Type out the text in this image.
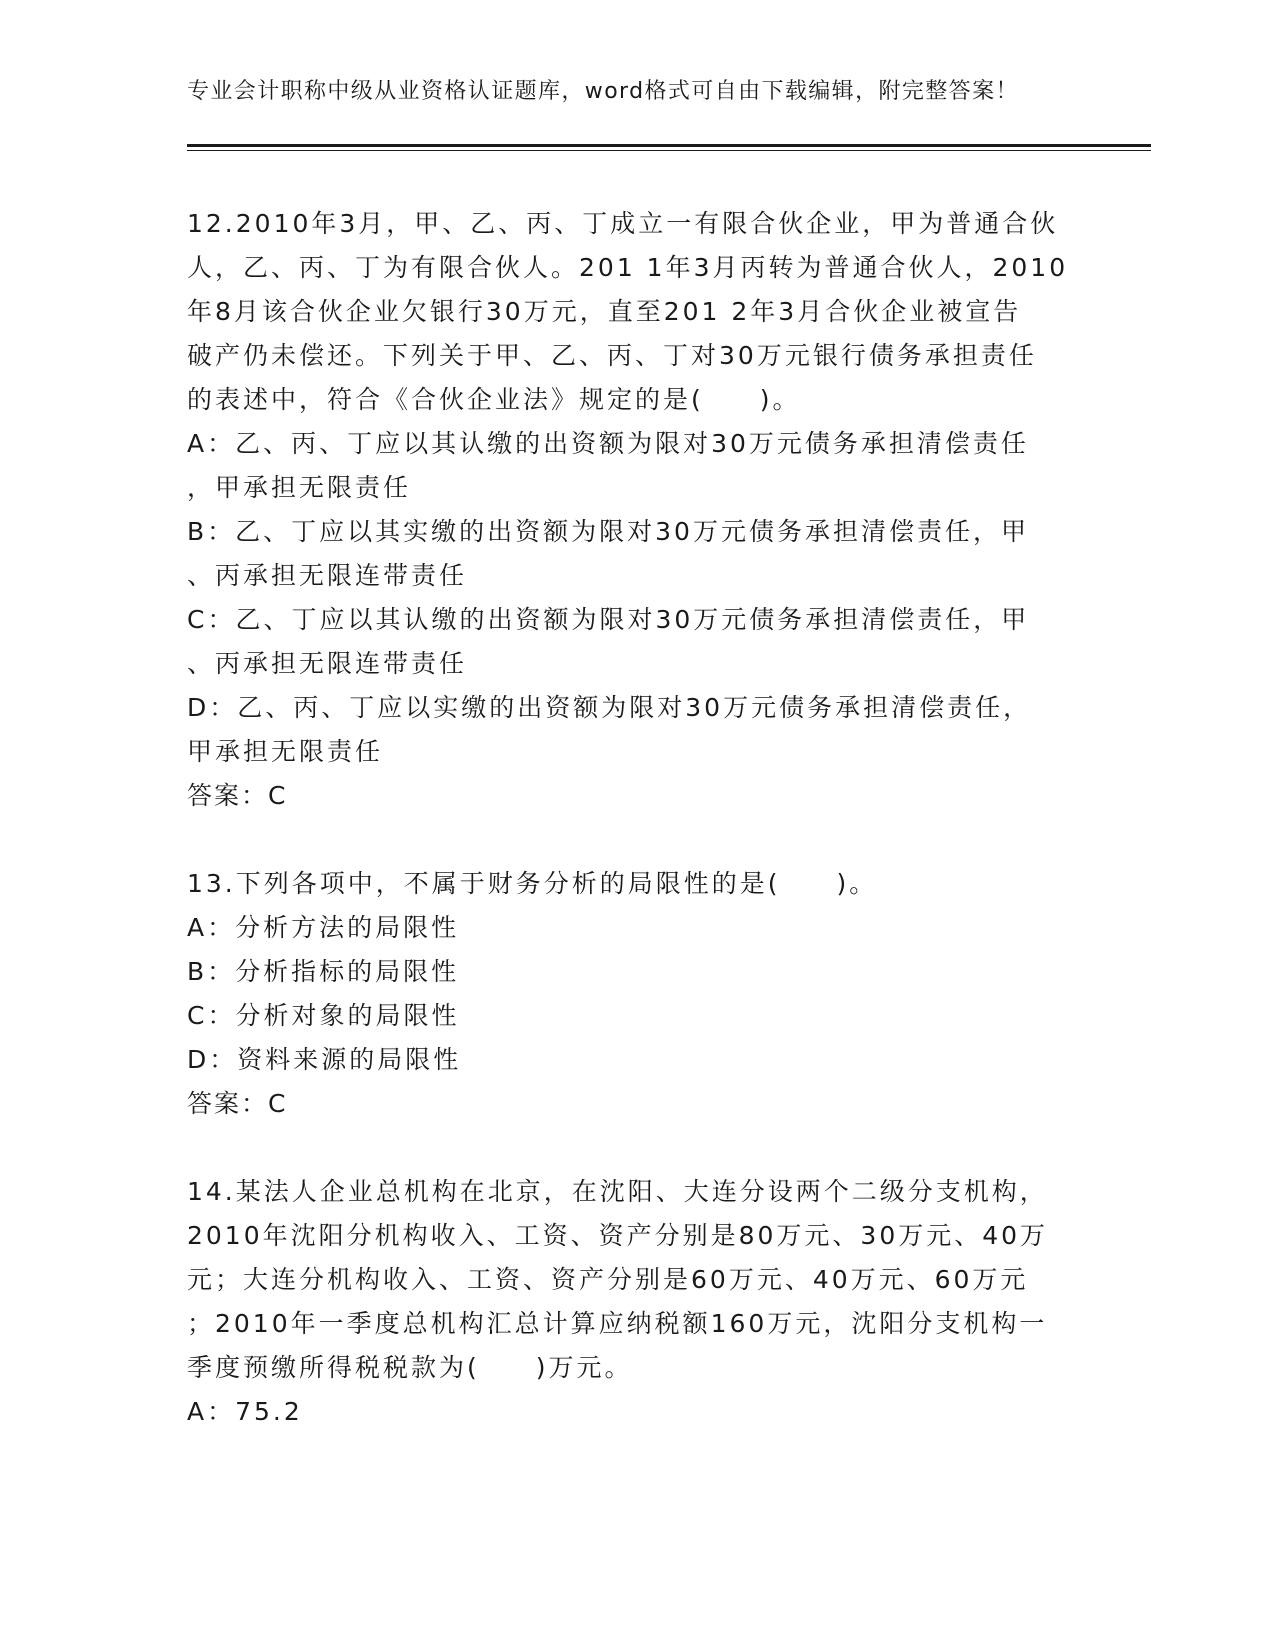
专业会计职称中级从业资格认证题库，word格式可自由下载编辑，附完整答案！
12.2010年3月，甲、乙、丙、丁成立一有限合伙企业，甲为普通合伙
人，乙、丙、丁为有限合伙人。201 1年3月丙转为普通合伙人，2010
年8月该合伙企业欠银行30万元，直至201 2年3月合伙企业被宣告
破产仍未偿还。下列关于甲、乙、丙、丁对30万元银行债务承担责任
的表述中，符合《合伙企业法》规定的是(　　)。
A：乙、丙、丁应以其认缴的出资额为限对30万元债务承担清偿责任
，甲承担无限责任
B：乙、丁应以其实缴的出资额为限对30万元债务承担清偿责任，甲
、丙承担无限连带责任
C：乙、丁应以其认缴的出资额为限对30万元债务承担清偿责任，甲
、丙承担无限连带责任
D：乙、丙、丁应以实缴的出资额为限对30万元债务承担清偿责任，
甲承担无限责任
答案：C
13.下列各项中，不属于财务分析的局限性的是(　　)。
A：分析方法的局限性
B：分析指标的局限性
C：分析对象的局限性
D：资料来源的局限性
答案：C
14.某法人企业总机构在北京，在沈阳、大连分设两个二级分支机构，
2010年沈阳分机构收入、工资、资产分别是80万元、30万元、40万
元；大连分机构收入、工资、资产分别是60万元、40万元、60万元
；2010年一季度总机构汇总计算应纳税额160万元，沈阳分支机构一
季度预缴所得税税款为(　　)万元。
A：75.2
